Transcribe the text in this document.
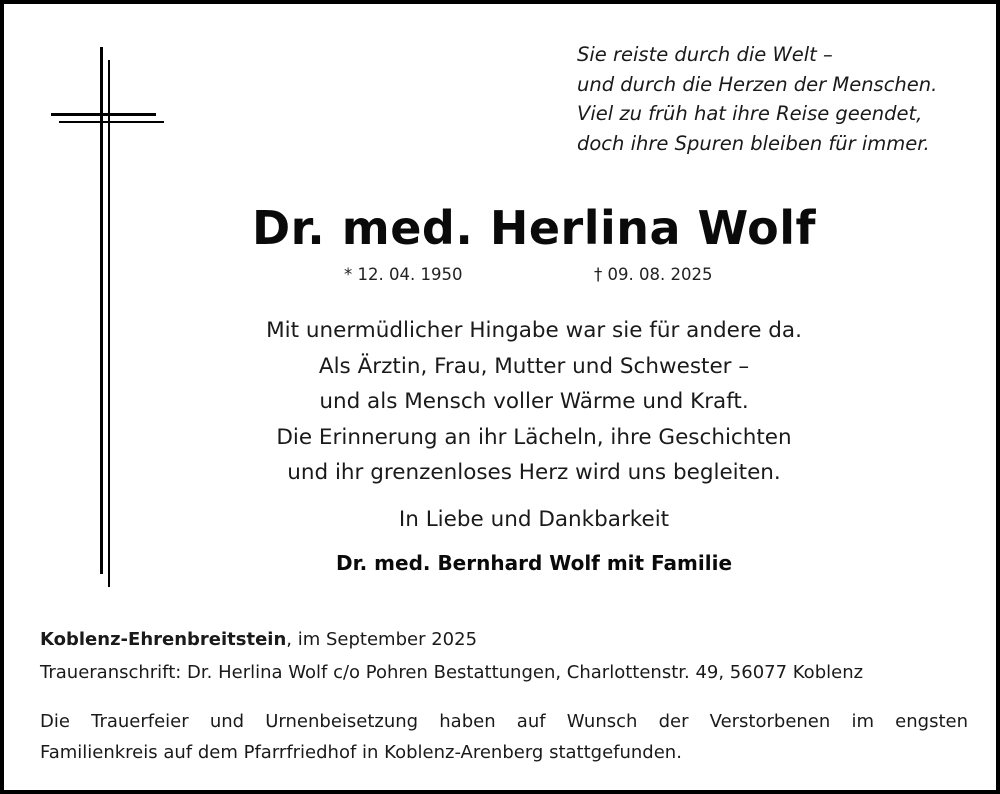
Sie reiste durch die Welt –
und durch die Herzen der Menschen.
Viel zu früh hat ihre Reise geendet,
doch ihre Spuren bleiben für immer.
Dr. med. Herlina Wolf
* 12. 04. 1950	† 09. 08. 2025
Mit unermüdlicher Hingabe war sie für andere da.
Als Ärztin, Frau, Mutter und Schwester –
und als Mensch voller Wärme und Kraft.
Die Erinnerung an ihr Lächeln, ihre Geschichten
und ihr grenzenloses Herz wird uns begleiten.
In Liebe und Dankbarkeit
Dr. med. Bernhard Wolf mit Familie
Koblenz-Ehrenbreitstein, im September 2025
Traueranschrift: Dr. Herlina Wolf c/o Pohren Bestattungen, Charlottenstr. 49, 56077 Koblenz
Die Trauerfeier und Urnenbeisetzung haben auf Wunsch der Verstorbenen im engsten
Familienkreis auf dem Pfarrfriedhof in Koblenz-Arenberg stattgefunden.
